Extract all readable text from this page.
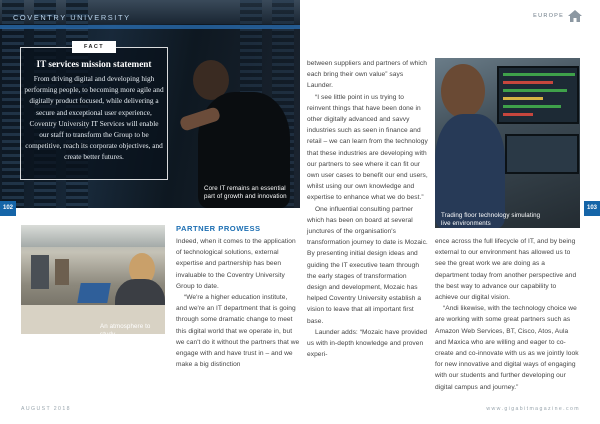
COVENTRY UNIVERSITY
FACT
IT services mission statement
From driving digital and developing high performing people, to becoming more agile and digitally product focused, while delivering a secure and exceptional user experience, Coventry University IT Services will enable our staff to transform the Group to be competitive, reach its corporate objectives, and create better futures.
Core IT remains an essential part of growth and innovation
102	103
An atmosphere to study
Trading floor technology simulating live environments
EUROPE
PARTNER PROWESS

Indeed, when it comes to the application of technological solutions, external expertise and partnership has been invaluable to the Coventry University Group to date.

“We're a higher education institute, and we're an IT department that is going through some dramatic change to meet this digital world that we operate in, but we can't do it without the partners that we engage with and have trust in – and we make a big distinction

between suppliers and partners of which each bring their own value” says Launder.

“I see little point in us trying to reinvent things that have been done in other digitally advanced and savvy industries such as seen in finance and retail – we can learn from the technology that these industries are developing with our partners to see where it can fit our own user cases to benefit our end users, whilst using our own knowledge and expertise to enhance what we do best.”

One influential consulting partner which has been on board at several junctures of the organisation's transformation journey to date is Mozaic. By presenting initial design ideas and guiding the IT executive team through the early stages of transformation design and development, Mozaic has helped Coventry University establish a vision to leave that all important first base.

Launder adds: “Mozaic have provided us with in-depth knowledge and proven experi-

ence across the full lifecycle of IT, and by being external to our environment has allowed us to see the great work we are doing as a department today from another perspective and the best way to advance our capability to achieve our digital vision.

“Andi likewise, with the technology choice we are working with some great partners such as Amazon Web Services, BT, Cisco, Atos, Aula and Maxica who are willing and eager to co-create and co-innovate with us as we jointly look for new innovative and digital ways of engaging with our students and further developing our digital campus and journey.”

AUGUST 2018	www.gigabitmagazine.com
